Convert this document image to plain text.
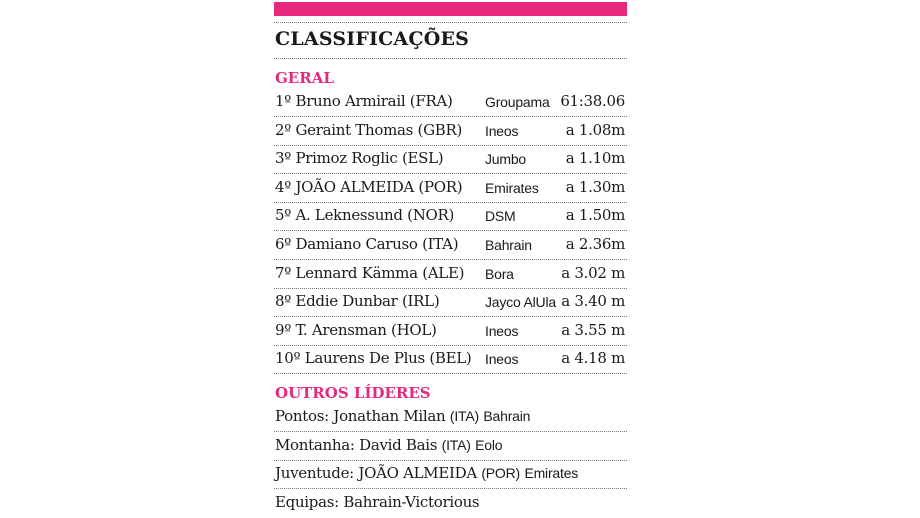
CLASSIFICAÇÕES
GERAL
1º Bruno Armirail (FRA) Groupama 61:38.06
2º Geraint Thomas (GBR) Ineos	a 1.08m
3º Primoz Roglic (ESL)	Jumbo	a 1.10m
4º JOÃO ALMEIDA (POR) Emirates a 1.30m
5º A. Leknessund (NOR) DSM	a 1.50m
6º Damiano Caruso (ITA) Bahrain a 2.36m
7º Lennard Kämma (ALE) Bora	a 3.02 m
8º Eddie Dunbar (IRL)	Jayco AlUla a 3.40 m
9º T. Arensman (HOL)	Ineos	a 3.55 m
10º Laurens De Plus (BEL) Ineos	a 4.18 m
OUTROS LÍDERES
Pontos: Jonathan Milan (ITA) Bahrain
Montanha: David Bais (ITA) Eolo
Juventude: JOÃO ALMEIDA (POR) Emirates
Equipas: Bahrain-Victorious
